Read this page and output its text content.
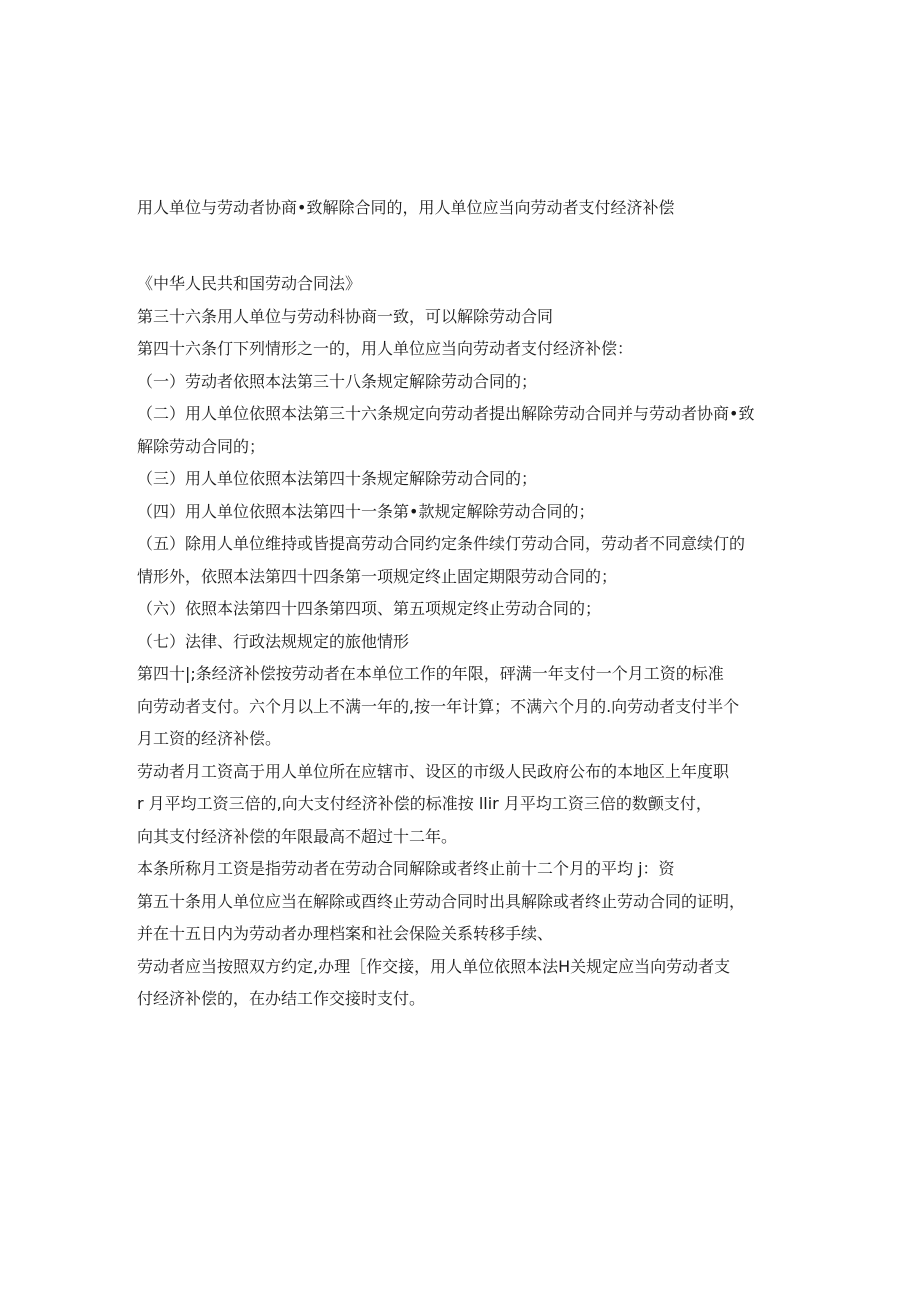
用人单位与劳动者协商•致解除合同的，用人单位应当向劳动者支付经济补偿
《中华人民共和国劳动合同法》
第三十六条用人单位与劳动科协商一致，可以解除劳动合同
第四十六条仃下列情形之一的，用人单位应当向劳动者支付经济补偿：
（一）劳动者依照本法第三十八条规定解除劳动合同的；
（二）用人单位依照本法第三十六条规定向劳动者提出解除劳动合同并与劳动者协商•致
解除劳动合同的；
（三）用人单位依照本法第四十条规定解除劳动合同的；
（四）用人单位依照本法第四十一条第•款规定解除劳动合同的；
（五）除用人单位维持或皆提高劳动合同约定条件续仃劳动合同，劳动者不同意续仃的
情形外，依照本法第四十四条第一项规定终止固定期限劳动合同的；
（六）依照本法第四十四条第四项、第五项规定终止劳动合同的；
（七）法律、行政法规规定的旅他情形
第四十|;条经济补偿按劳动者在本单位工作的年限，砰满一年支付一个月工资的标准
向劳动者支付。六个月以上不满一年的,按一年计算；不满六个月的.向劳动者支付半个
月工资的经济补偿。
劳动者月工资高于用人单位所在应辖市、设区的市级人民政府公布的本地区上年度职
r 月平均工资三倍的,向大支付经济补偿的标准按 llir 月平均工资三倍的数颤支付，
向其支付经济补偿的年限最高不超过十二年。
本条所称月工资是指劳动者在劳动合同解除或者终止前十二个月的平均 j：资
第五十条用人单位应当在解除或酉终止劳动合同时出具解除或者终止劳动合同的证明，
并在十五日内为劳动者办理档案和社会保险关系转移手续、
劳动者应当按照双方约定,办理［作交接，用人单位依照本法H关规定应当向劳动者支
付经济补偿的，在办结工作交接时支付。
